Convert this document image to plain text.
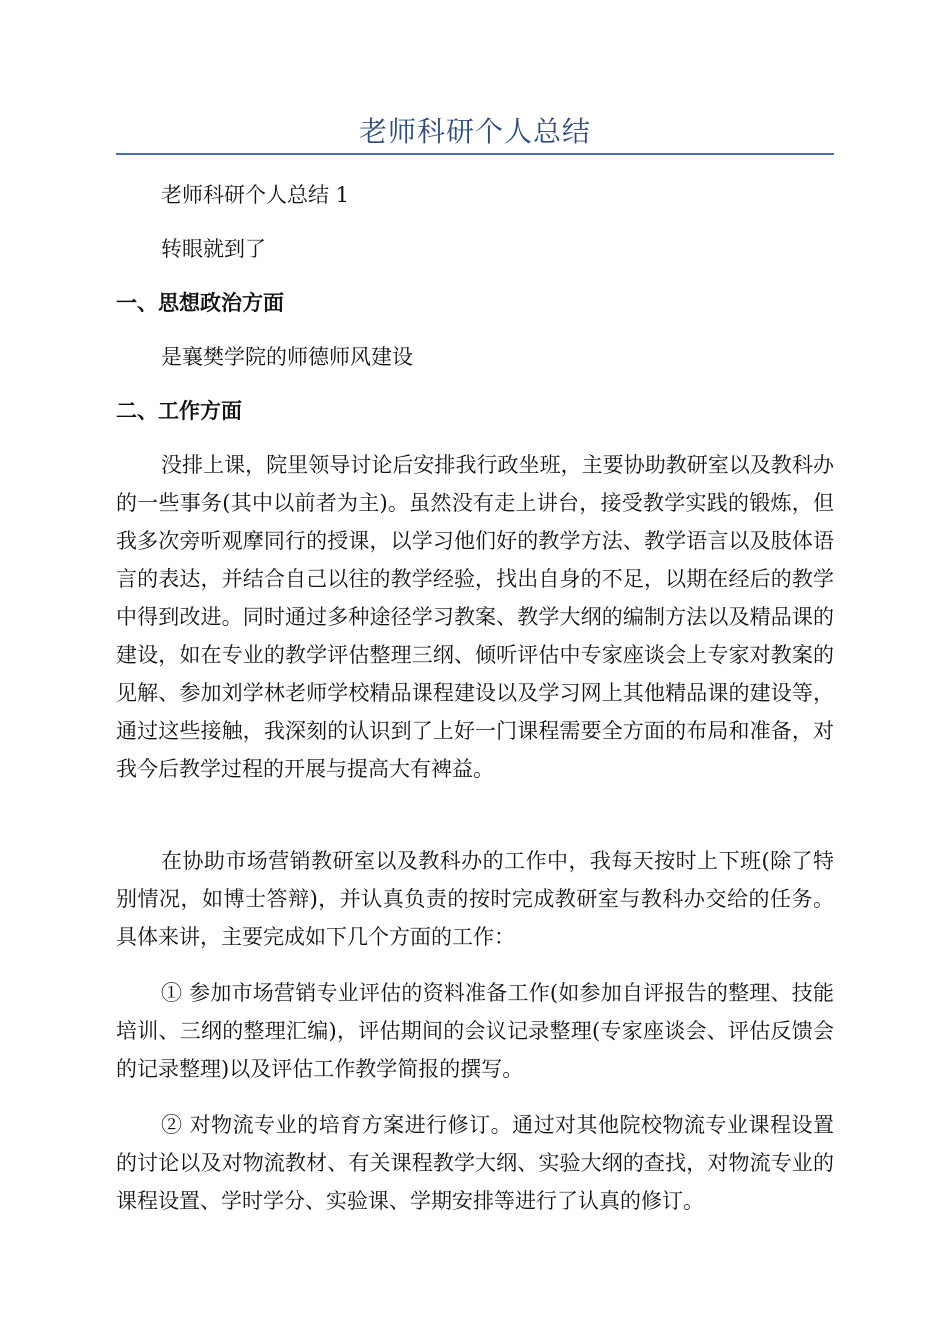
老师科研个人总结

老师科研个人总结 1

转眼就到了

一、思想政治方面

是襄樊学院的师德师风建设

二、工作方面

没排上课，院里领导讨论后安排我行政坐班，主要协助教研室以及教科办的一些事务(其中以前者为主)。虽然没有走上讲台，接受教学实践的锻炼，但我多次旁听观摩同行的授课，以学习他们好的教学方法、教学语言以及肢体语言的表达，并结合自己以往的教学经验，找出自身的不足，以期在经后的教学中得到改进。同时通过多种途径学习教案、教学大纲的编制方法以及精品课的建设，如在专业的教学评估整理三纲、倾听评估中专家座谈会上专家对教案的见解、参加刘学林老师学校精品课程建设以及学习网上其他精品课的建设等，通过这些接触，我深刻的认识到了上好一门课程需要全方面的布局和准备，对我今后教学过程的开展与提高大有裨益。

在协助市场营销教研室以及教科办的工作中，我每天按时上下班(除了特别情况，如博士答辩)，并认真负责的按时完成教研室与教科办交给的任务。具体来讲，主要完成如下几个方面的工作：

① 参加市场营销专业评估的资料准备工作(如参加自评报告的整理、技能培训、三纲的整理汇编)，评估期间的会议记录整理(专家座谈会、评估反馈会的记录整理)以及评估工作教学简报的撰写。

② 对物流专业的培育方案进行修订。通过对其他院校物流专业课程设置的讨论以及对物流教材、有关课程教学大纲、实验大纲的查找，对物流专业的课程设置、学时学分、实验课、学期安排等进行了认真的修订。
